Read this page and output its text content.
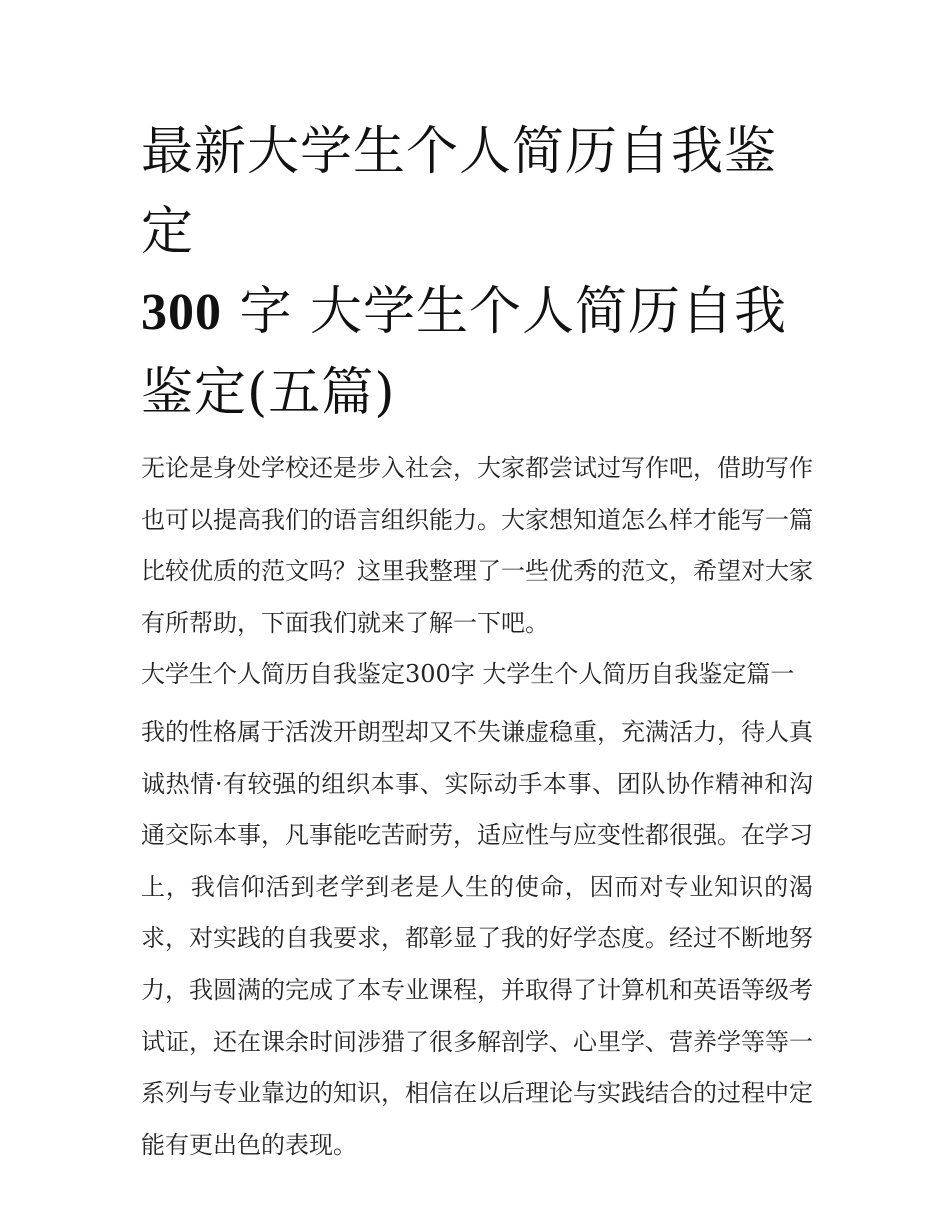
最新大学生个人简历自我鉴定
300 字 大学生个人简历自我鉴定(五篇)

无论是身处学校还是步入社会，大家都尝试过写作吧，借助写作也可以提高我们的语言组织能力。大家想知道怎么样才能写一篇比较优质的范文吗？这里我整理了一些优秀的范文，希望对大家有所帮助，下面我们就来了解一下吧。

大学生个人简历自我鉴定300字 大学生个人简历自我鉴定篇一

我的性格属于活泼开朗型却又不失谦虚稳重，充满活力，待人真诚热情·有较强的组织本事、实际动手本事、团队协作精神和沟通交际本事，凡事能吃苦耐劳，适应性与应变性都很强。在学习上，我信仰活到老学到老是人生的使命，因而对专业知识的渴求，对实践的自我要求，都彰显了我的好学态度。经过不断地努力，我圆满的完成了本专业课程，并取得了计算机和英语等级考试证，还在课余时间涉猎了很多解剖学、心里学、营养学等等一系列与专业靠边的知识，相信在以后理论与实践结合的过程中定能有更出色的表现。
